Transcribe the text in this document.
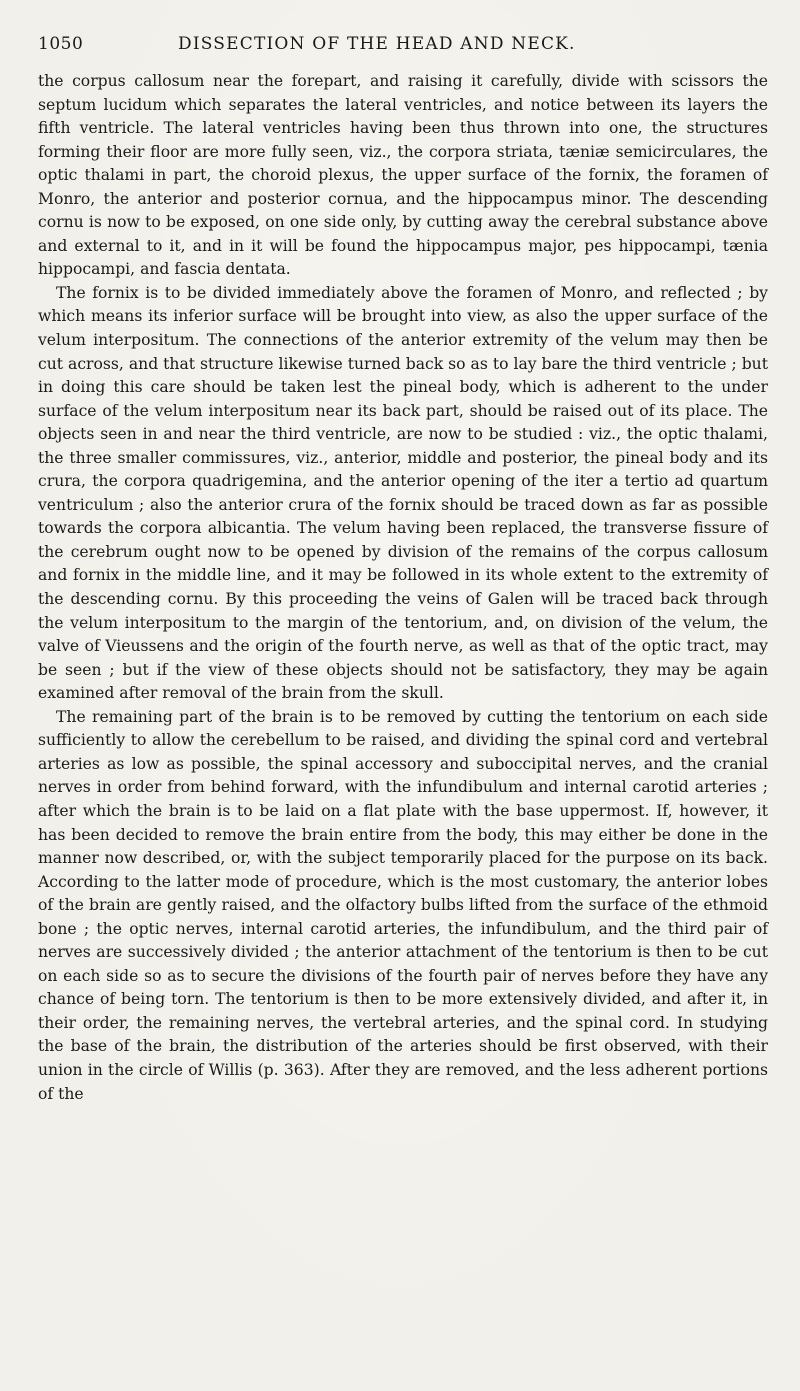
1050	DISSECTION OF THE HEAD AND NECK.

the corpus callosum near the forepart, and raising it carefully, divide with scissors the septum lucidum which separates the lateral ventricles, and notice between its layers the fifth ventricle. The lateral ventricles having been thus thrown into one, the structures forming their floor are more fully seen, viz., the corpora striata, tæniæ semicirculares, the optic thalami in part, the choroid plexus, the upper surface of the fornix, the foramen of Monro, the anterior and posterior cornua, and the hippocampus minor. The descending cornu is now to be exposed, on one side only, by cutting away the cerebral substance above and external to it, and in it will be found the hippocampus major, pes hippocampi, tænia hippocampi, and fascia dentata.

The fornix is to be divided immediately above the foramen of Monro, and reflected ; by which means its inferior surface will be brought into view, as also the upper surface of the velum interpositum. The connections of the anterior extremity of the velum may then be cut across, and that structure likewise turned back so as to lay bare the third ventricle ; but in doing this care should be taken lest the pineal body, which is adherent to the under surface of the velum interpositum near its back part, should be raised out of its place. The objects seen in and near the third ventricle, are now to be studied : viz., the optic thalami, the three smaller commissures, viz., anterior, middle and posterior, the pineal body and its crura, the corpora quadrigemina, and the anterior opening of the iter a tertio ad quartum ventriculum ; also the anterior crura of the fornix should be traced down as far as possible towards the corpora albicantia. The velum having been replaced, the transverse fissure of the cerebrum ought now to be opened by division of the remains of the corpus callosum and fornix in the middle line, and it may be followed in its whole extent to the extremity of the descending cornu. By this proceeding the veins of Galen will be traced back through the velum interpositum to the margin of the tentorium, and, on division of the velum, the valve of Vieussens and the origin of the fourth nerve, as well as that of the optic tract, may be seen ; but if the view of these objects should not be satisfactory, they may be again examined after removal of the brain from the skull.

The remaining part of the brain is to be removed by cutting the tentorium on each side sufficiently to allow the cerebellum to be raised, and dividing the spinal cord and vertebral arteries as low as possible, the spinal accessory and suboccipital nerves, and the cranial nerves in order from behind forward, with the infundibulum and internal carotid arteries ; after which the brain is to be laid on a flat plate with the base uppermost. If, however, it has been decided to remove the brain entire from the body, this may either be done in the manner now described, or, with the subject temporarily placed for the purpose on its back. According to the latter mode of procedure, which is the most customary, the anterior lobes of the brain are gently raised, and the olfactory bulbs lifted from the surface of the ethmoid bone ; the optic nerves, internal carotid arteries, the infundibulum, and the third pair of nerves are successively divided ; the anterior attachment of the tentorium is then to be cut on each side so as to secure the divisions of the fourth pair of nerves before they have any chance of being torn. The tentorium is then to be more extensively divided, and after it, in their order, the remaining nerves, the vertebral arteries, and the spinal cord. In studying the base of the brain, the distribution of the arteries should be first observed, with their union in the circle of Willis (p. 363). After they are removed, and the less adherent portions of the
